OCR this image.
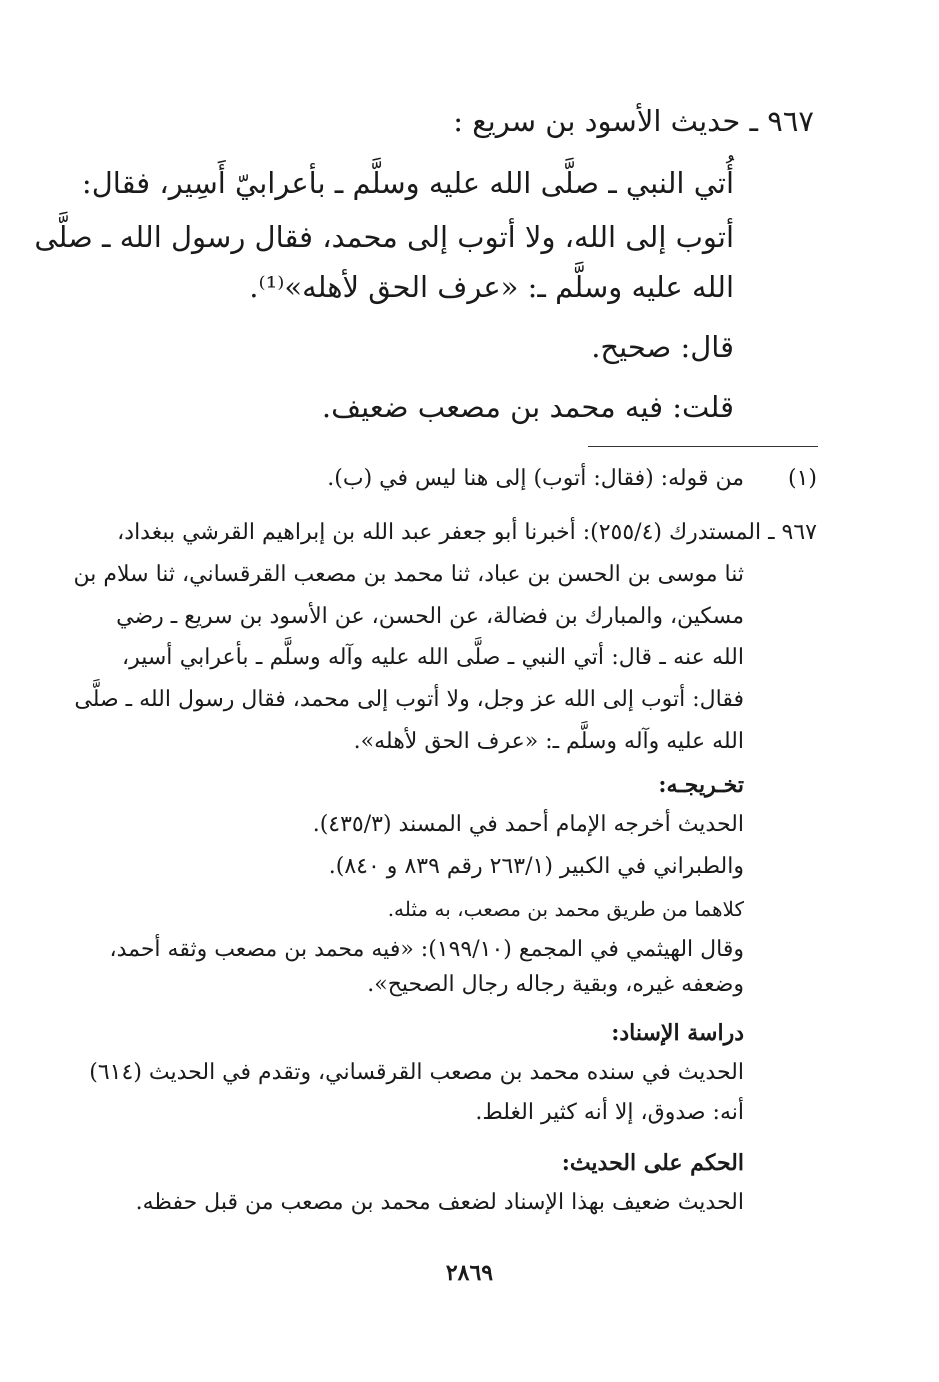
٩٦٧ ـ حديث الأسود بن سريع :
أُتي النبي ـ صلَّى الله عليه وسلَّم ـ بأعرابيّ أَسِير، فقال:
أتوب إلى الله، ولا أتوب إلى محمد، فقال رسول الله ـ صلَّى
الله عليه وسلَّم ـ: «عرف الحق لأهله»⁽¹⁾.
قال: صحيح.
قلت: فيه محمد بن مصعب ضعيف.
(١)
من قوله: (فقال: أتوب) إلى هنا ليس في (ب).
٩٦٧ ـ المستدرك (٢٥٥/٤): أخبرنا أبو جعفر عبد الله بن إبراهيم القرشي ببغداد،
ثنا موسى بن الحسن بن عباد، ثنا محمد بن مصعب القرقساني، ثنا سلام بن
مسكين، والمبارك بن فضالة، عن الحسن، عن الأسود بن سريع ـ رضي
الله عنه ـ قال: أتي النبي ـ صلَّى الله عليه وآله وسلَّم ـ بأعرابي أسير،
فقال: أتوب إلى الله عز وجل، ولا أتوب إلى محمد، فقال رسول الله ـ صلَّى
الله عليه وآله وسلَّم ـ: «عرف الحق لأهله».
تخـريجـه:
الحديث أخرجه الإمام أحمد في المسند (٤٣٥/٣).
والطبراني في الكبير (٢٦٣/١ رقم ٨٣٩ و ٨٤٠).
كلاهما من طريق محمد بن مصعب، به مثله.
وقال الهيثمي في المجمع (١٩٩/١٠): «فيه محمد بن مصعب وثقه أحمد،
وضعفه غيره، وبقية رجاله رجال الصحيح».
دراسة الإسناد:
الحديث في سنده محمد بن مصعب القرقساني، وتقدم في الحديث (٦١٤)
أنه: صدوق، إلا أنه كثير الغلط.
الحكم على الحديث:
الحديث ضعيف بهذا الإسناد لضعف محمد بن مصعب من قبل حفظه.
٢٨٦٩
